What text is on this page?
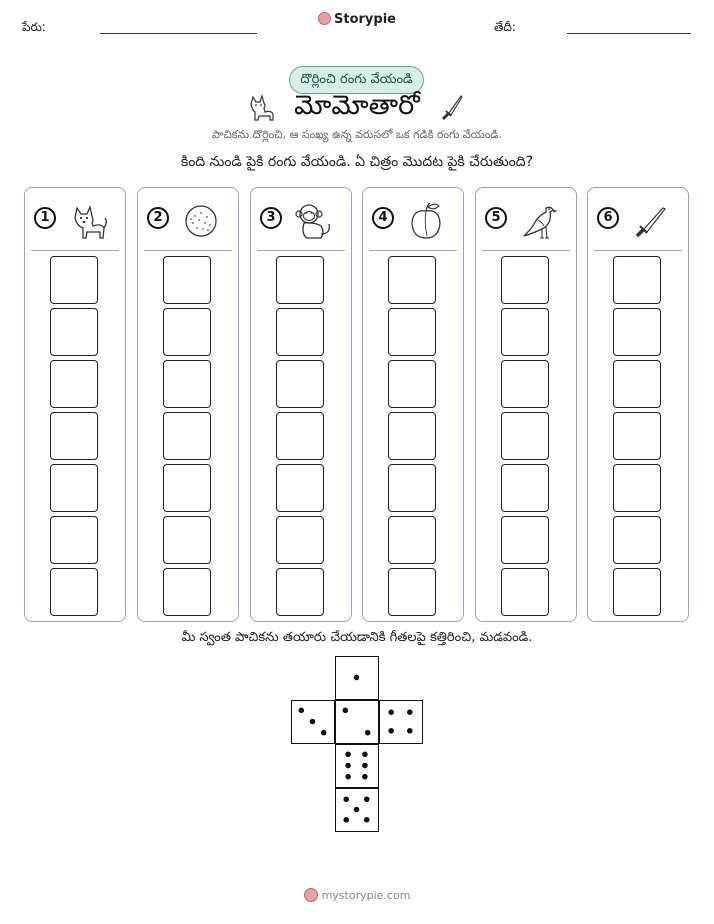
పేరు:	Storypie	తేదీ:
దొర్లించి రంగు వేయండి
మోమోతారో
పాచికను దొర్లించి, ఆ సంఖ్య ఉన్న వరుసలో ఒక గడికి రంగు వేయండి.
కింది నుండి పైకి రంగు వేయండి. ఏ చిత్రం మొదట పైకి చేరుతుంది?
1	2	3	4	5	6
మీ స్వంత పాచికను తయారు చేయడానికి గీతలపై కత్తిరించి, మడవండి.
mystorypie.com
